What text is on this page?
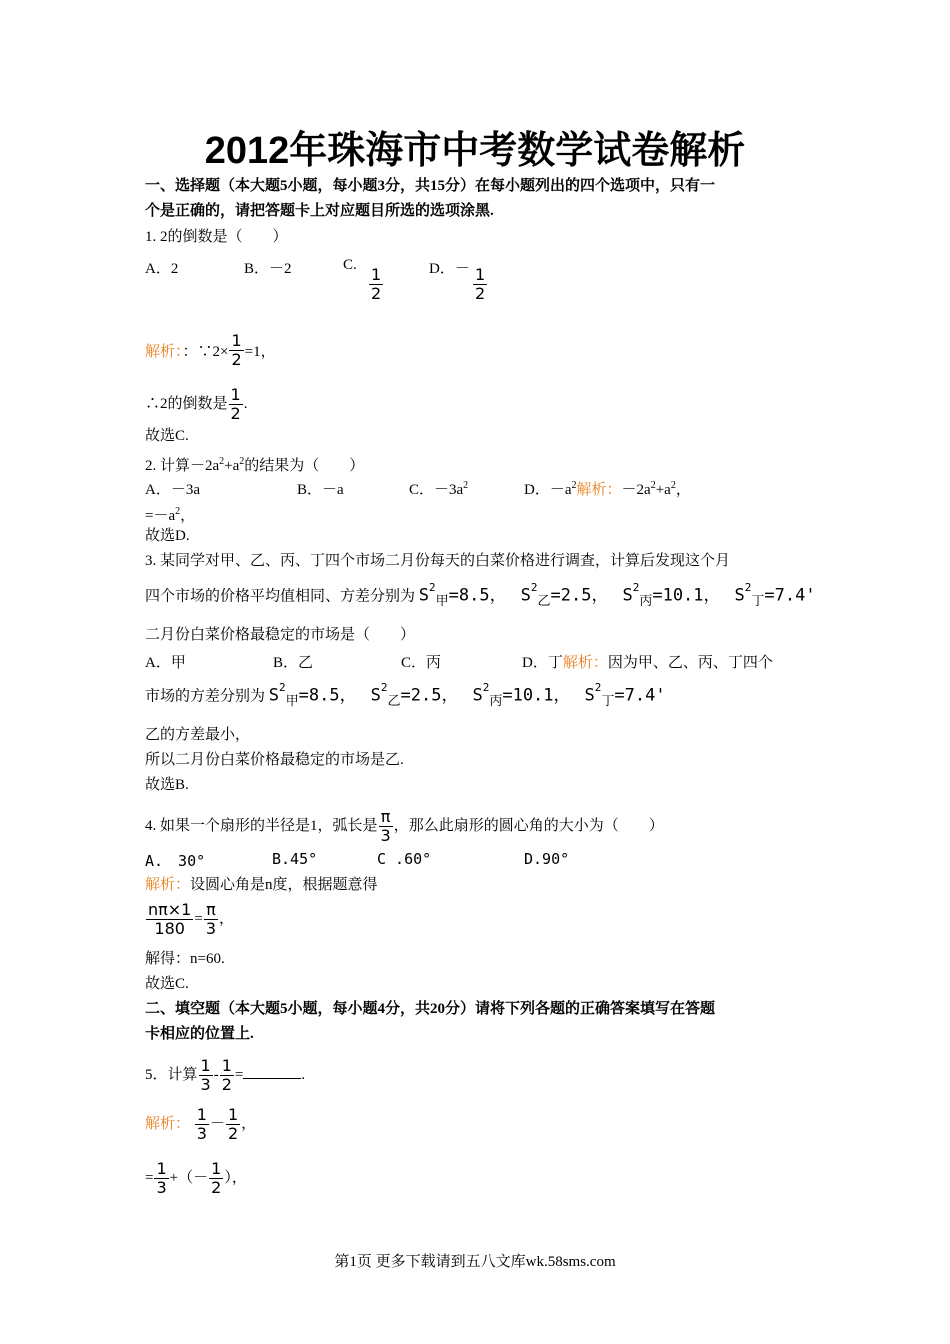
2012年珠海市中考数学试卷解析
一、选择题（本大题5小题，每小题3分，共15分）在每小题列出的四个选项中，只有一
个是正确的，请把答题卡上对应题目所选的选项涂黑.
1. 2的倒数是（　　）
A．2	B．－2	C.
$\frac{1}{2}$	D．－ $\frac{1}{2}$
解析：：∵2× $\frac{1}{2} =1$，
∴2的倒数是 $\frac{1}{2}$ .
故选C.
2. 计算$-2a^2+a^2$的结果为（　　）
A．－3a	B．－a	C．$-3a^2$	D．$-a^2$解析：$-2a^2+a^2$，
$=-a^2$，
故选D.
3. 某同学对甲、乙、丙、丁四个市场二月份每天的白菜价格进行调查，计算后发现这个月
四个市场的价格平均值相同、方差分别为 $S^2_甲=8.5$， $S^2_乙=2.5$， $S^2_丙=10.1$， $S^2_丁=7.4'$
二月份白菜价格最稳定的市场是（　　）
A．甲	B．乙	C．丙	D．丁解析：因为甲、乙、丙、丁四个
市场的方差分别为 $S^2_甲=8.5$， $S^2_乙=2.5$， $S^2_丙=10.1$， $S^2_丁=7.4'$
乙的方差最小，
所以二月份白菜价格最稳定的市场是乙.
故选B.
4. 如果一个扇形的半径是1，弧长是 $\frac{\pi}{3}$ ，那么此扇形的圆心角的大小为（　　）
A.　30°	B.45°	C .60°	D.90°
解析：设圆心角是n度，根据题意得
$\frac{n\pi\times 1}{180} = \frac{\pi}{3}$ ，
解得：n=60.
故选C.
二、填空题（本大题5小题，每小题4分，共20分）请将下列各题的正确答案填写在答题
卡相应的位置上.
5．计算 $\frac{1}{3} - \frac{1}{2}$ =	.
解析： $\frac{1}{3} - \frac{1}{2}$ ，
= $\frac{1}{3}$ +（－ $\frac{1}{2}$ ），
第1页 更多下载请到五八文库wk.58sms.com
